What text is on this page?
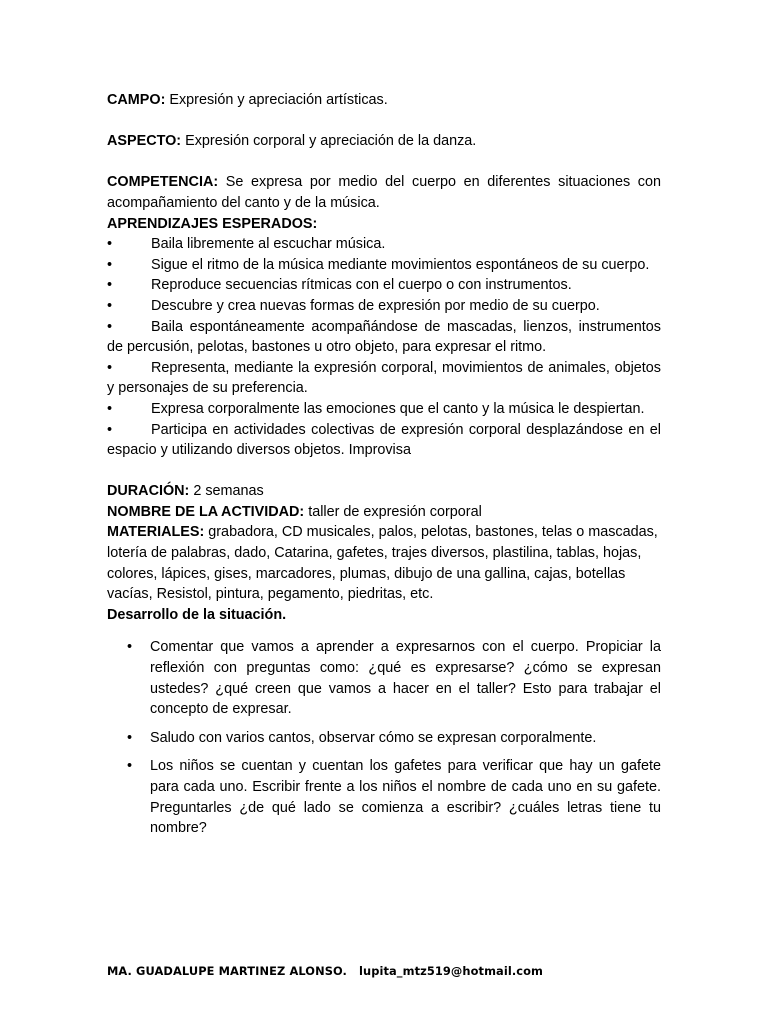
CAMPO: Expresión y apreciación artísticas.

ASPECTO: Expresión corporal y apreciación de la danza.

COMPETENCIA: Se expresa por medio del cuerpo en diferentes situaciones con acompañamiento del canto y de la música.

APRENDIZAJES ESPERADOS:

•	Baila libremente al escuchar música.
•	Sigue el ritmo de la música mediante movimientos espontáneos de su cuerpo.
•	Reproduce secuencias rítmicas con el cuerpo o con instrumentos.
•	Descubre y crea nuevas formas de expresión por medio de su cuerpo.
•	Baila espontáneamente acompañándose de mascadas, lienzos, instrumentos de percusión, pelotas, bastones u otro objeto, para expresar el ritmo.
•	Representa, mediante la expresión corporal, movimientos de animales, objetos y personajes de su preferencia.
•	Expresa corporalmente las emociones que el canto y la música le despiertan.
•	Participa en actividades colectivas de expresión corporal desplazándose en el espacio y utilizando diversos objetos. Improvisa

DURACIÓN: 2 semanas

NOMBRE DE LA ACTIVIDAD: taller de expresión corporal

MATERIALES: grabadora, CD musicales, palos, pelotas, bastones, telas o mascadas, lotería de palabras, dado, Catarina, gafetes, trajes diversos, plastilina, tablas, hojas, colores, lápices, gises, marcadores, plumas, dibujo de una gallina, cajas, botellas vacías, Resistol, pintura, pegamento, piedritas, etc.

Desarrollo de la situación.

• Comentar que vamos a aprender a expresarnos con el cuerpo. Propiciar la reflexión con preguntas como: ¿qué es expresarse? ¿cómo se expresan ustedes? ¿qué creen que vamos a hacer en el taller? Esto para trabajar el concepto de expresar.
• Saludo con varios cantos, observar cómo se expresan corporalmente.
• Los niños se cuentan y cuentan los gafetes para verificar que hay un gafete para cada uno. Escribir frente a los niños el nombre de cada uno en su gafete. Preguntarles ¿de qué lado se comienza a escribir? ¿cuáles letras tiene tu nombre?
MA. GUADALUPE MARTINEZ ALONSO. lupita_mtz519@hotmail.com
